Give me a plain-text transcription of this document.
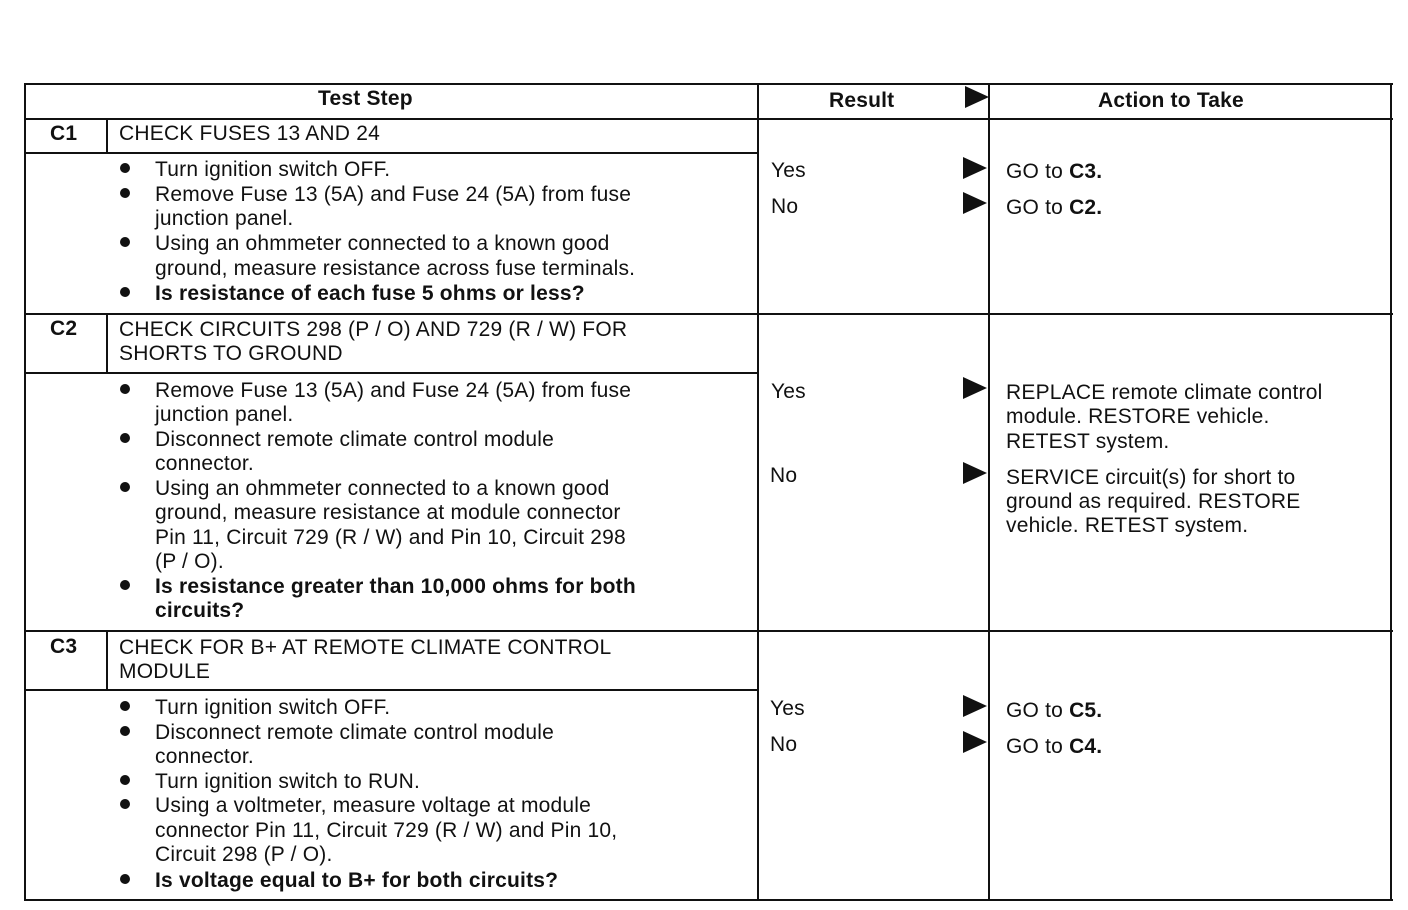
Test Step	Result	Action to Take
C1 CHECK FUSES 13 AND 24
Turn ignition switch OFF.
Remove Fuse 13 (5A) and Fuse 24 (5A) from fuse
junction panel.
Using an ohmmeter connected to a known good
ground, measure resistance across fuse terminals.
Is resistance of each fuse 5 ohms or less?
Yes	GO to C3.
No	GO to C2.
C2 CHECK CIRCUITS 298 (P / O) AND 729 (R / W) FOR
SHORTS TO GROUND
Remove Fuse 13 (5A) and Fuse 24 (5A) from fuse
junction panel.
Disconnect remote climate control module
connector.
Using an ohmmeter connected to a known good
ground, measure resistance at module connector
Pin 11, Circuit 729 (R / W) and Pin 10, Circuit 298
(P / O).
Is resistance greater than 10,000 ohms for both
circuits?
Yes	REPLACE remote climate control
module. RESTORE vehicle.
RETEST system.
No	SERVICE circuit(s) for short to
ground as required. RESTORE
vehicle. RETEST system.
C3 CHECK FOR B+ AT REMOTE CLIMATE CONTROL
MODULE
Turn ignition switch OFF.
Disconnect remote climate control module
connector.
Turn ignition switch to RUN.
Using a voltmeter, measure voltage at module
connector Pin 11, Circuit 729 (R / W) and Pin 10,
Circuit 298 (P / O).
Is voltage equal to B+ for both circuits?
Yes	GO to C5.
No	GO to C4.
